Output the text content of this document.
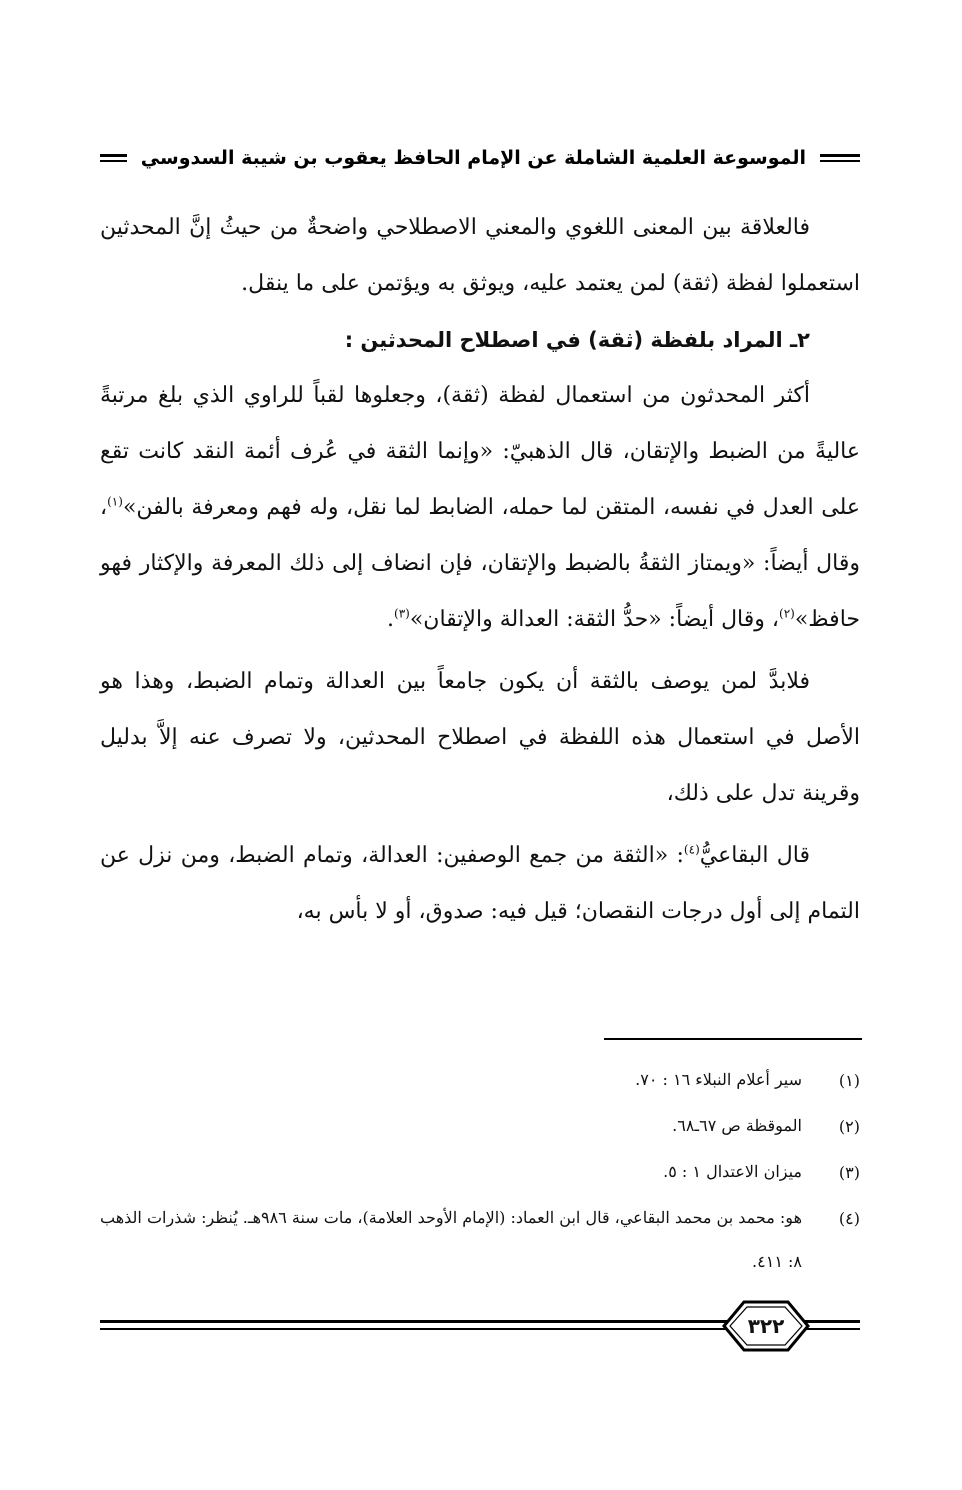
الموسوعة العلمية الشاملة عن الإمام الحافظ يعقوب بن شيبة السدوسي

فالعلاقة بين المعنى اللغوي والمعني الاصطلاحي واضحةٌ من حيثُ إنَّ المحدثين استعملوا لفظة (ثقة) لمن يعتمد عليه، ويوثق به ويؤتمن على ما ينقل.

٢ـ المراد بلفظة (ثقة) في اصطلاح المحدثين :

أكثر المحدثون من استعمال لفظة (ثقة)، وجعلوها لقباً للراوي الذي بلغ مرتبةً عاليةً من الضبط والإتقان، قال الذهبيّ: «وإنما الثقة في عُرف أئمة النقد كانت تقع على العدل في نفسه، المتقن لما حمله، الضابط لما نقل، وله فهم ومعرفة بالفن»$^{(١)}$، وقال أيضاً: «ويمتاز الثقةُ بالضبط والإتقان، فإن انضاف إلى ذلك المعرفة والإكثار فهو حافظ»$^{(٢)}$، وقال أيضاً: «حدُّ الثقة: العدالة والإتقان»$^{(٣)}$.

فلابدَّ لمن يوصف بالثقة أن يكون جامعاً بين العدالة وتمام الضبط، وهذا هو الأصل في استعمال هذه اللفظة في اصطلاح المحدثين، ولا تصرف عنه إلاَّ بدليل وقرينة تدل على ذلك،

قال البقاعيُّ$^{(٤)}$: «الثقة من جمع الوصفين: العدالة، وتمام الضبط، ومن نزل عن التمام إلى أول درجات النقصان؛ قيل فيه: صدوق، أو لا بأس به،

(١)
سير أعلام النبلاء ١٦ : ٧٠.
(٢)
الموقظة ص ٦٧ـ٦٨.
(٣)
ميزان الاعتدال ١ : ٥.
(٤)
هو: محمد بن محمد البقاعي، قال ابن العماد: (الإمام الأوحد العلامة)، مات سنة ٩٨٦هـ. يُنظر: شذرات الذهب ٨: ٤١١.
٣٢٢
